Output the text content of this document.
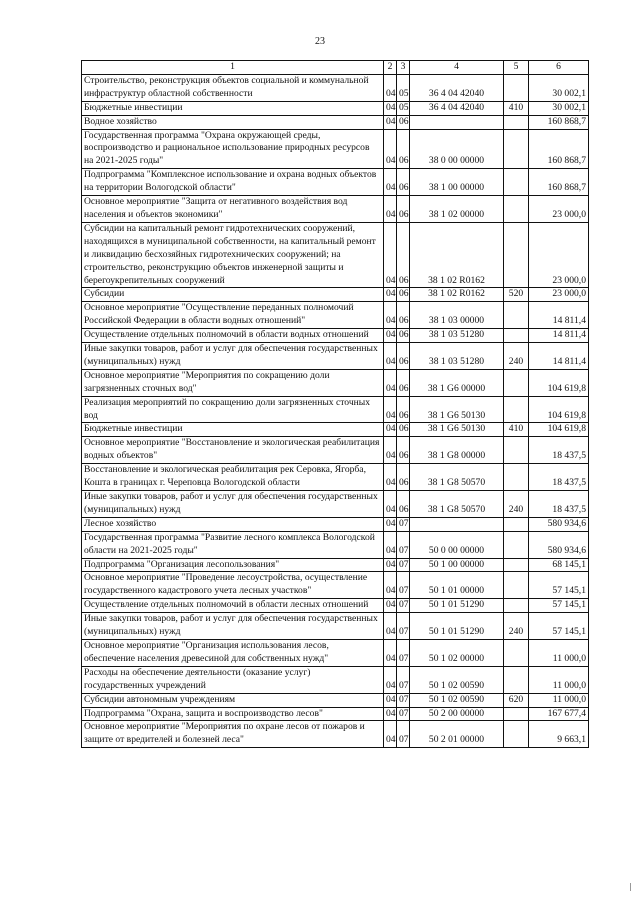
23
1	2	3	4	5	6
Строительство, реконструкция объектов социальной и коммунальной инфраструктур областной собственности	04	05	36 4 04 42040		30 002,1
Бюджетные инвестиции	04	05	36 4 04 42040	410	30 002,1
Водное хозяйство	04	06			160 868,7
Государственная программа "Охрана окружающей среды, воспроизводство и рациональное использование природных ресурсов на 2021-2025 годы"	04	06	38 0 00 00000		160 868,7
Подпрограмма "Комплексное использование и охрана водных объектов на территории Вологодской области"	04	06	38 1 00 00000		160 868,7
Основное мероприятие "Защита от негативного воздействия вод населения и объектов экономики"	04	06	38 1 02 00000		23 000,0
Субсидии на капитальный ремонт гидротехнических сооружений, находящихся в муниципальной собственности, на капитальный ремонт и ликвидацию бесхозяйных гидротехнических сооружений; на строительство, реконструкцию объектов инженерной защиты и берегоукрепительных сооружений	04	06	38 1 02 R0162		23 000,0
Субсидии	04	06	38 1 02 R0162	520	23 000,0
Основное мероприятие "Осуществление переданных полномочий Российской Федерации в области водных отношений"	04	06	38 1 03 00000		14 811,4
Осуществление отдельных полномочий в области водных отношений	04	06	38 1 03 51280		14 811,4
Иные закупки товаров, работ и услуг для обеспечения государственных (муниципальных) нужд	04	06	38 1 03 51280	240	14 811,4
Основное мероприятие "Мероприятия по сокращению доли загрязненных сточных вод"	04	06	38 1 G6 00000		104 619,8
Реализация мероприятий по сокращению доли загрязненных сточных вод	04	06	38 1 G6 50130		104 619,8
Бюджетные инвестиции	04	06	38 1 G6 50130	410	104 619,8
Основное мероприятие "Восстановление и экологическая реабилитация водных объектов"	04	06	38 1 G8 00000		18 437,5
Восстановление и экологическая реабилитация рек Серовка, Ягорба, Кошта в границах г. Череповца Вологодской области	04	06	38 1 G8 50570		18 437,5
Иные закупки товаров, работ и услуг для обеспечения государственных (муниципальных) нужд	04	06	38 1 G8 50570	240	18 437,5
Лесное хозяйство	04	07			580 934,6
Государственная программа "Развитие лесного комплекса Вологодской области на 2021-2025 годы"	04	07	50 0 00 00000		580 934,6
Подпрограмма "Организация лесопользования"	04	07	50 1 00 00000		68 145,1
Основное мероприятие "Проведение лесоустройства, осуществление государственного кадастрового учета лесных участков"	04	07	50 1 01 00000		57 145,1
Осуществление отдельных полномочий в области лесных отношений	04	07	50 1 01 51290		57 145,1
Иные закупки товаров, работ и услуг для обеспечения государственных (муниципальных) нужд	04	07	50 1 01 51290	240	57 145,1
Основное мероприятие "Организация использования лесов, обеспечение населения древесиной для собственных нужд"	04	07	50 1 02 00000		11 000,0
Расходы на обеспечение деятельности (оказание услуг) государственных учреждений	04	07	50 1 02 00590		11 000,0
Субсидии автономным учреждениям	04	07	50 1 02 00590	620	11 000,0
Подпрограмма "Охрана, защита и воспроизводство лесов"	04	07	50 2 00 00000		167 677,4
Основное мероприятие "Мероприятия по охране лесов от пожаров и защите от вредителей и болезней леса"	04	07	50 2 01 00000		9 663,1
